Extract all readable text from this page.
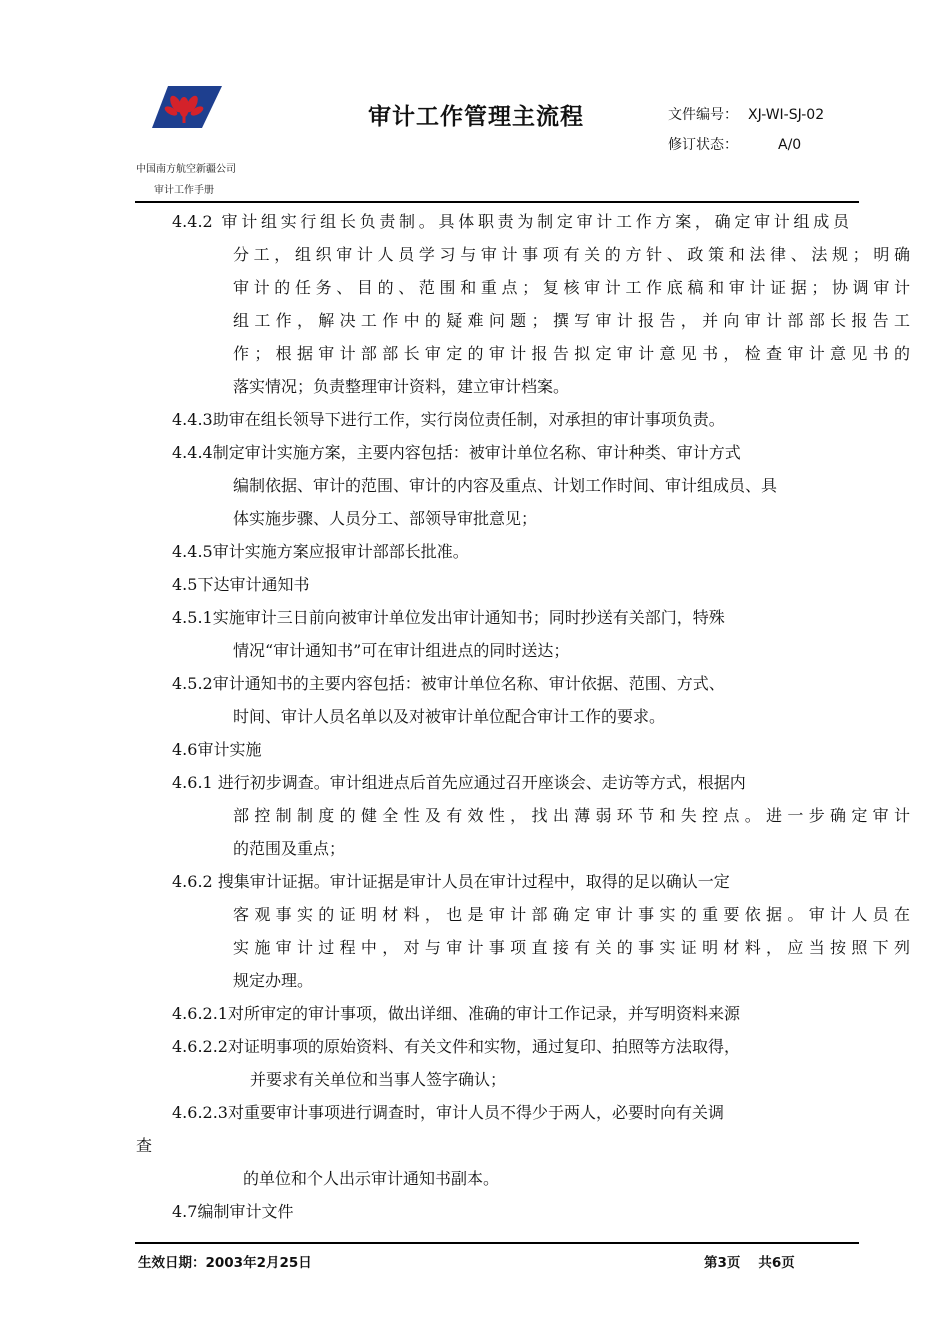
审计工作管理主流程	文件编号： XJ-WI-SJ-02
修订状态：	A/0
中国南方航空新疆公司
审计工作手册
4.4.2 审计组实行组长负责制。具体职责为制定审计工作方案，确定审计组成员
分工，组织审计人员学习与审计事项有关的方针、政策和法律、法规；明确
审计的任务、目的、范围和重点；复核审计工作底稿和审计证据；协调审计
组工作，解决工作中的疑难问题；撰写审计报告，并向审计部部长报告工
作；根据审计部部长审定的审计报告拟定审计意见书，检查审计意见书的
落实情况；负责整理审计资料，建立审计档案。
4.4.3助审在组长领导下进行工作，实行岗位责任制，对承担的审计事项负责。
4.4.4制定审计实施方案，主要内容包括：被审计单位名称、审计种类、审计方式
编制依据、审计的范围、审计的内容及重点、计划工作时间、审计组成员、具
体实施步骤、人员分工、部领导审批意见；
4.4.5审计实施方案应报审计部部长批准。
4.5下达审计通知书
4.5.1实施审计三日前向被审计单位发出审计通知书；同时抄送有关部门，特殊
情况“审计通知书”可在审计组进点的同时送达；
4.5.2审计通知书的主要内容包括：被审计单位名称、审计依据、范围、方式、
时间、审计人员名单以及对被审计单位配合审计工作的要求。
4.6审计实施
4.6.1 进行初步调查。审计组进点后首先应通过召开座谈会、走访等方式，根据内
部控制制度的健全性及有效性，找出薄弱环节和失控点。进一步确定审计
的范围及重点；
4.6.2 搜集审计证据。审计证据是审计人员在审计过程中，取得的足以确认一定
客观事实的证明材料，也是审计部确定审计事实的重要依据。审计人员在
实施审计过程中，对与审计事项直接有关的事实证明材料，应当按照下列
规定办理。
4.6.2.1对所审定的审计事项，做出详细、准确的审计工作记录，并写明资料来源
4.6.2.2对证明事项的原始资料、有关文件和实物，通过复印、拍照等方法取得，
并要求有关单位和当事人签字确认；
4.6.2.3对重要审计事项进行调查时，审计人员不得少于两人，必要时向有关调
查
的单位和个人出示审计通知书副本。
4.7编制审计文件
生效日期：2003年2月25日	第3页 共6页
